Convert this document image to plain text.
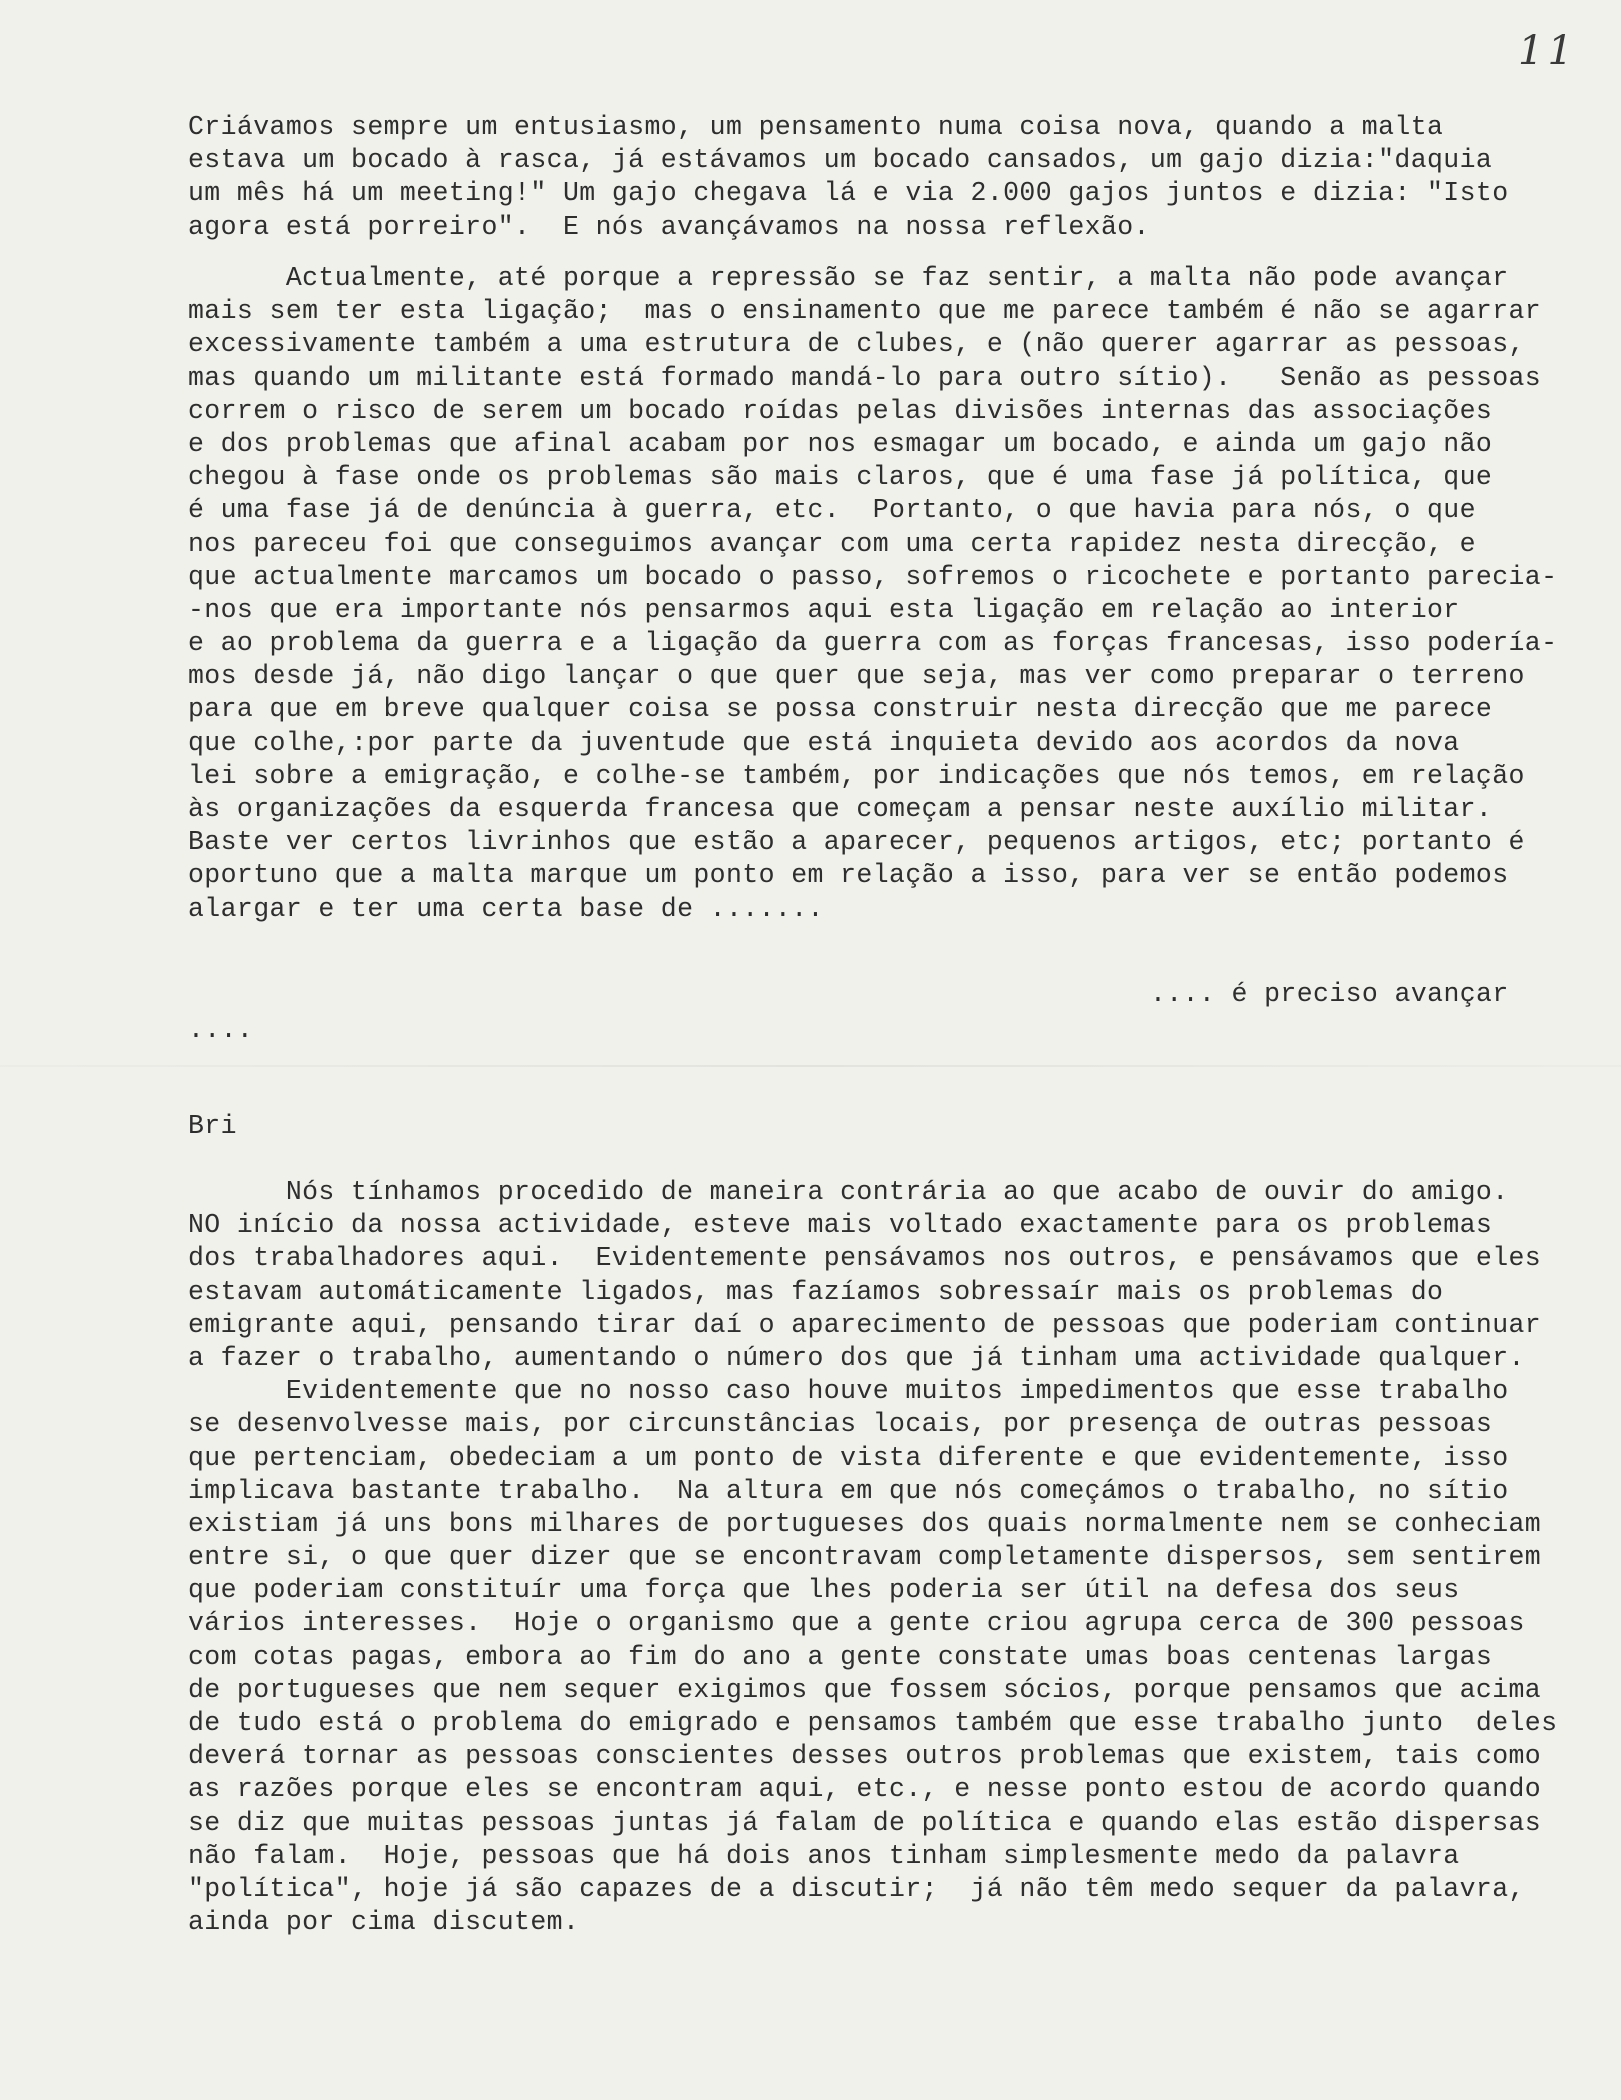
11
Criávamos sempre um entusiasmo, um pensamento numa coisa nova, quando a malta
estava um bocado à rasca, já estávamos um bocado cansados, um gajo dizia:"daquia
um mês há um meeting!" Um gajo chegava lá e via 2.000 gajos juntos e dizia: "Isto
agora está porreiro".  E nós avançávamos na nossa reflexão.
Actualmente, até porque a repressão se faz sentir, a malta não pode avançar
mais sem ter esta ligação;  mas o ensinamento que me parece também é não se agarrar
excessivamente também a uma estrutura de clubes, e (não querer agarrar as pessoas,
mas quando um militante está formado mandá-lo para outro sítio).   Senão as pessoas
correm o risco de serem um bocado roídas pelas divisões internas das associações
e dos problemas que afinal acabam por nos esmagar um bocado, e ainda um gajo não
chegou à fase onde os problemas são mais claros, que é uma fase já política, que
é uma fase já de denúncia à guerra, etc.  Portanto, o que havia para nós, o que
nos pareceu foi que conseguimos avançar com uma certa rapidez nesta direcção, e
que actualmente marcamos um bocado o passo, sofremos o ricochete e portanto parecia-
-nos que era importante nós pensarmos aqui esta ligação em relação ao interior
e ao problema da guerra e a ligação da guerra com as forças francesas, isso podería-
mos desde já, não digo lançar o que quer que seja, mas ver como preparar o terreno
para que em breve qualquer coisa se possa construir nesta direcção que me parece
que colhe,:por parte da juventude que está inquieta devido aos acordos da nova
lei sobre a emigração, e colhe-se também, por indicações que nós temos, em relação
às organizações da esquerda francesa que começam a pensar neste auxílio militar.
Baste ver certos livrinhos que estão a aparecer, pequenos artigos, etc; portanto é
oportuno que a malta marque um ponto em relação a isso, para ver se então podemos
alargar e ter uma certa base de .......
.... é preciso avançar
....
Bri
Nós tínhamos procedido de maneira contrária ao que acabo de ouvir do amigo.
NO início da nossa actividade, esteve mais voltado exactamente para os problemas
dos trabalhadores aqui.  Evidentemente pensávamos nos outros, e pensávamos que eles
estavam automáticamente ligados, mas fazíamos sobressaír mais os problemas do
emigrante aqui, pensando tirar daí o aparecimento de pessoas que poderiam continuar
a fazer o trabalho, aumentando o número dos que já tinham uma actividade qualquer.
Evidentemente que no nosso caso houve muitos impedimentos que esse trabalho
se desenvolvesse mais, por circunstâncias locais, por presença de outras pessoas
que pertenciam, obedeciam a um ponto de vista diferente e que evidentemente, isso
implicava bastante trabalho.  Na altura em que nós começámos o trabalho, no sítio
existiam já uns bons milhares de portugueses dos quais normalmente nem se conheciam
entre si, o que quer dizer que se encontravam completamente dispersos, sem sentirem
que poderiam constituír uma força que lhes poderia ser útil na defesa dos seus
vários interesses.  Hoje o organismo que a gente criou agrupa cerca de 300 pessoas
com cotas pagas, embora ao fim do ano a gente constate umas boas centenas largas
de portugueses que nem sequer exigimos que fossem sócios, porque pensamos que acima
de tudo está o problema do emigrado e pensamos também que esse trabalho junto  deles
deverá tornar as pessoas conscientes desses outros problemas que existem, tais como
as razões porque eles se encontram aqui, etc., e nesse ponto estou de acordo quando
se diz que muitas pessoas juntas já falam de política e quando elas estão dispersas
não falam.  Hoje, pessoas que há dois anos tinham simplesmente medo da palavra
"política", hoje já são capazes de a discutir;  já não têm medo sequer da palavra,
ainda por cima discutem.
